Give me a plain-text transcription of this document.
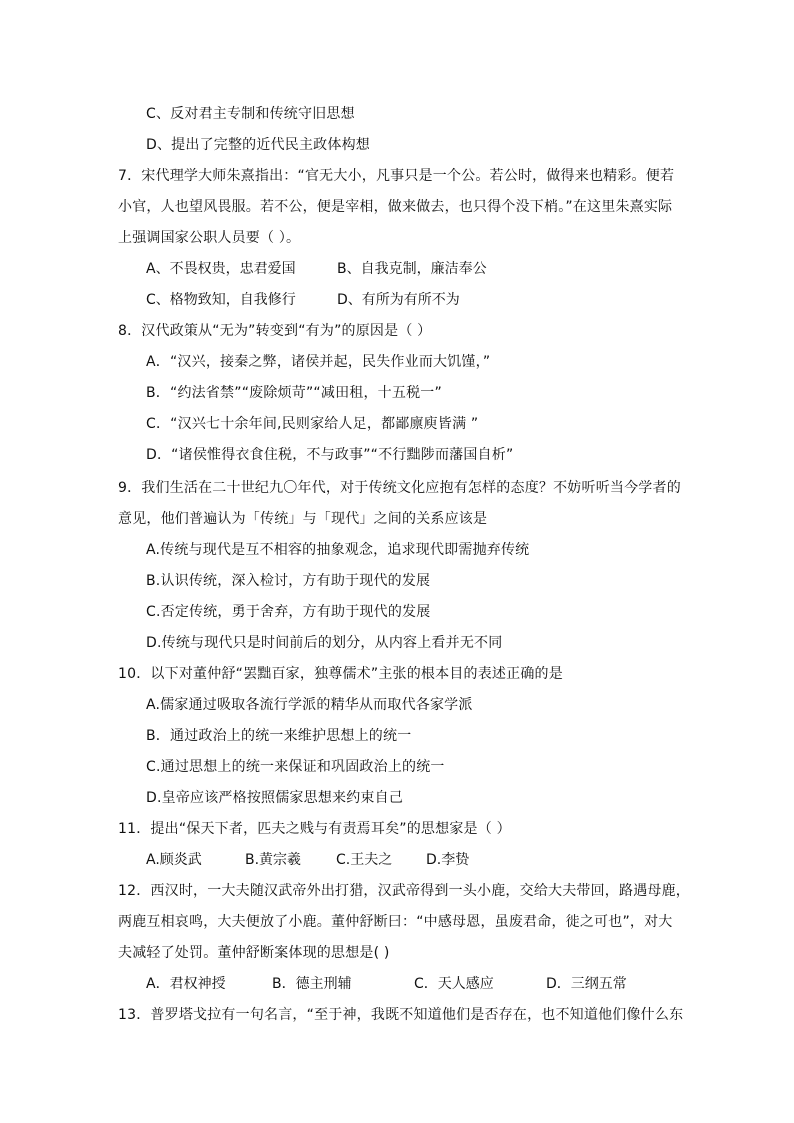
C、反对君主专制和传统守旧思想
D、提出了完整的近代民主政体构想
7．宋代理学大师朱熹指出：“官无大小，凡事只是一个公。若公时，做得来也精彩。便若
小官，人也望风畏服。若不公，便是宰相，做来做去，也只得个没下梢。”在这里朱熹实际
上强调国家公职人员要（ ）。
A、不畏权贵，忠君爱国	B、自我克制，廉洁奉公
C、格物致知，自我修行	D、有所为有所不为
8．汉代政策从“无为”转变到“有为”的原因是（ ）
A．“汉兴，接秦之弊，诸侯并起，民失作业而大饥馑，”
B．“约法省禁”“废除烦苛”“减田租，十五税一”
C．“汉兴七十余年间,民则家给人足，都鄙廪庾皆满 ”
D．“诸侯惟得衣食住税，不与政事”“不行黜陟而藩国自析”
9．我们生活在二十世纪九〇年代，对于传统文化应抱有怎样的态度？不妨听听当今学者的
意见，他们普遍认为「传统」与「现代」之间的关系应该是
A.传统与现代是互不相容的抽象观念，追求现代即需抛弃传统
B.认识传统，深入检讨，方有助于现代的发展
C.否定传统，勇于舍弃，方有助于现代的发展
D.传统与现代只是时间前后的划分，从内容上看并无不同
10．以下对董仲舒“罢黜百家，独尊儒术”主张的根本目的表述正确的是
A.儒家通过吸取各流行学派的精华从而取代各家学派
B．通过政治上的统一来维护思想上的统一
C.通过思想上的统一来保证和巩固政治上的统一
D.皇帝应该严格按照儒家思想来约束自己
11．提出“保天下者，匹夫之贱与有责焉耳矣”的思想家是（ ）
A.顾炎武	B.黄宗羲 C.王夫之 D.李贽
12．西汉时，一大夫随汉武帝外出打猎，汉武帝得到一头小鹿，交给大夫带回，路遇母鹿，
两鹿互相哀鸣，大夫便放了小鹿。董仲舒断曰：“中感母恩，虽废君命，徙之可也”，对大
夫减轻了处罚。董仲舒断案体现的思想是( )
A．君权神授	B．德主刑辅	C．天人感应	D．三纲五常
13．普罗塔戈拉有一句名言，“至于神，我既不知道他们是否存在，也不知道他们像什么东
